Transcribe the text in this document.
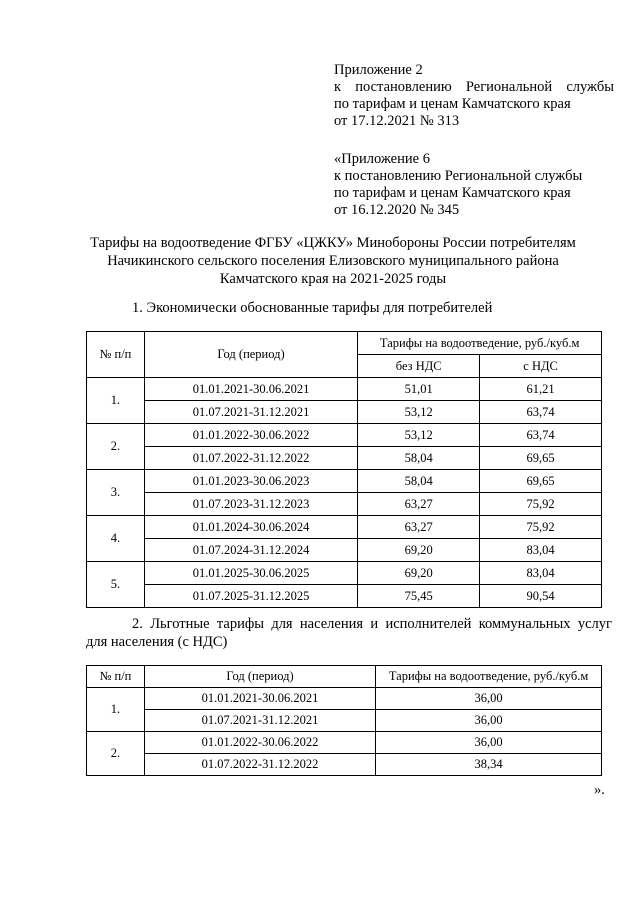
Приложение 2
к постановлению Региональной службы
по тарифам и ценам Камчатского края
от 17.12.2021 № 313
«Приложение 6
к постановлению Региональной службы
по тарифам и ценам Камчатского края
от 16.12.2020 № 345
Тарифы на водоотведение ФГБУ «ЦЖКУ» Минобороны России потребителям
Начикинского сельского поселения Елизовского муниципального района
Камчатского края на 2021-2025 годы
1. Экономически обоснованные тарифы для потребителей
№ п/п	Год (период)	Тарифы на водоотведение, руб./куб.м	
		без НДС	с НДС
1.	01.01.2021-30.06.2021	51,01	61,21
	01.07.2021-31.12.2021	53,12	63,74
2.	01.01.2022-30.06.2022	53,12	63,74
	01.07.2022-31.12.2022	58,04	69,65
3.	01.01.2023-30.06.2023	58,04	69,65
	01.07.2023-31.12.2023	63,27	75,92
4.	01.01.2024-30.06.2024	63,27	75,92
	01.07.2024-31.12.2024	69,20	83,04
5.	01.01.2025-30.06.2025	69,20	83,04
	01.07.2025-31.12.2025	75,45	90,54
2. Льготные тарифы для населения и исполнителей коммунальных услуг
для населения (с НДС)
№ п/п	Год (период)	Тарифы на водоотведение, руб./куб.м
1.	01.01.2021-30.06.2021	36,00
	01.07.2021-31.12.2021	36,00
2.	01.01.2022-30.06.2022	36,00
	01.07.2022-31.12.2022	38,34
».
